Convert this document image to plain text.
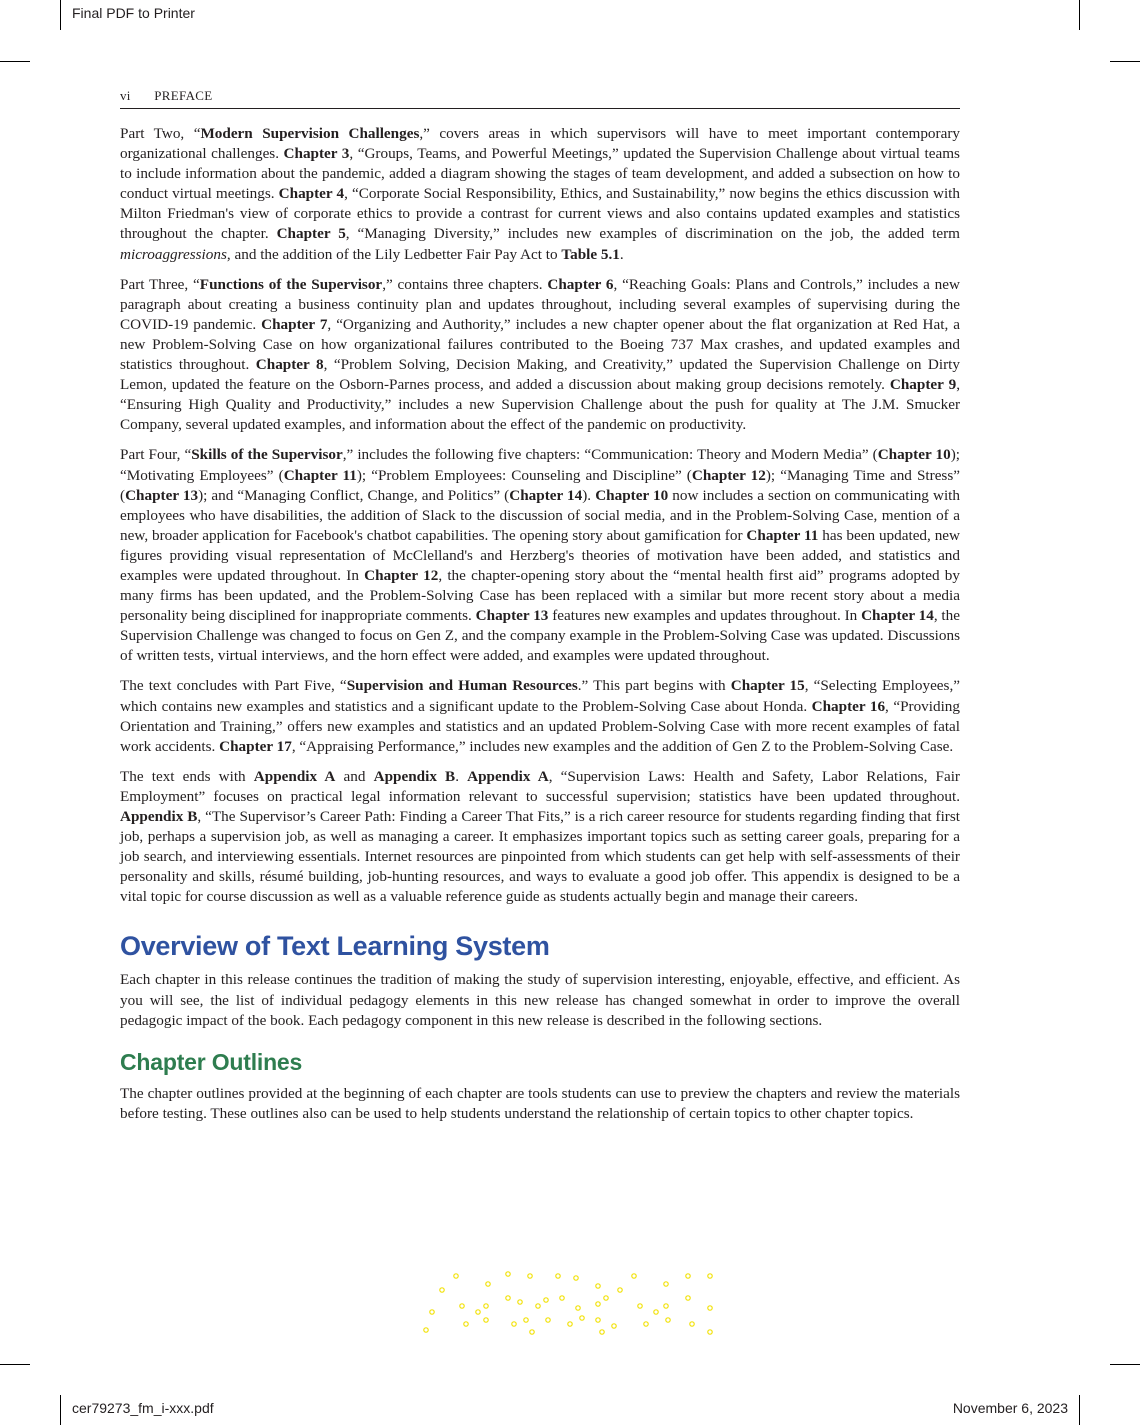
Final PDF to Printer
cer79273_fm_i-xxx.pdf	November 6, 2023
vi PREFACE

Part Two, “Modern Supervision Challenges,” covers areas in which supervisors will have to meet important contemporary organizational challenges. Chapter 3, “Groups, Teams, and Powerful Meetings,” updated the Supervision Challenge about virtual teams to include information about the pandemic, added a diagram showing the stages of team development, and added a subsection on how to conduct virtual meetings. Chapter 4, “Corporate Social Responsibility, Ethics, and Sustainability,” now begins the ethics discussion with Milton Friedman's view of corporate ethics to provide a contrast for current views and also contains updated examples and statistics throughout the chapter. Chapter 5, “Managing Diversity,” includes new examples of discrimination on the job, the added term microaggressions, and the addition of the Lily Ledbetter Fair Pay Act to Table 5.1.

Part Three, “Functions of the Supervisor,” contains three chapters. Chapter 6, “Reaching Goals: Plans and Controls,” includes a new paragraph about creating a business continuity plan and updates throughout, including several examples of supervising during the COVID-19 pandemic. Chapter 7, “Organizing and Authority,” includes a new chapter opener about the flat organization at Red Hat, a new Problem-Solving Case on how organizational failures contributed to the Boeing 737 Max crashes, and updated examples and statistics throughout. Chapter 8, “Problem Solving, Decision Making, and Creativity,” updated the Supervision Challenge on Dirty Lemon, updated the feature on the Osborn-Parnes process, and added a discussion about making group decisions remotely. Chapter 9, “Ensuring High Quality and Productivity,” includes a new Supervision Challenge about the push for quality at The J.M. Smucker Company, several updated examples, and information about the effect of the pandemic on productivity.

Part Four, “Skills of the Supervisor,” includes the following five chapters: “Communication: Theory and Modern Media” (Chapter 10); “Motivating Employees” (Chapter 11); “Problem Employees: Counseling and Discipline” (Chapter 12); “Managing Time and Stress” (Chapter 13); and “Managing Conflict, Change, and Politics” (Chapter 14). Chapter 10 now includes a section on communicating with employees who have disabilities, the addition of Slack to the discussion of social media, and in the Problem-Solving Case, mention of a new, broader application for Facebook's chatbot capabilities. The opening story about gamification for Chapter 11 has been updated, new figures providing visual representation of McClelland's and Herzberg's theories of motivation have been added, and statistics and examples were updated throughout. In Chapter 12, the chapter-opening story about the “mental health first aid” programs adopted by many firms has been updated, and the Problem-Solving Case has been replaced with a similar but more recent story about a media personality being disciplined for inappropriate comments. Chapter 13 features new examples and updates throughout. In Chapter 14, the Supervision Challenge was changed to focus on Gen Z, and the company example in the Problem-Solving Case was updated. Discussions of written tests, virtual interviews, and the horn effect were added, and examples were updated throughout.

The text concludes with Part Five, “Supervision and Human Resources.” This part begins with Chapter 15, “Selecting Employees,” which contains new examples and statistics and a significant update to the Problem-Solving Case about Honda. Chapter 16, “Providing Orientation and Training,” offers new examples and statistics and an updated Problem-Solving Case with more recent examples of fatal work accidents. Chapter 17, “Appraising Performance,” includes new examples and the addition of Gen Z to the Problem-Solving Case.

The text ends with Appendix A and Appendix B. Appendix A, “Supervision Laws: Health and Safety, Labor Relations, Fair Employment” focuses on practical legal information relevant to successful supervision; statistics have been updated throughout. Appendix B, “The Supervisor’s Career Path: Finding a Career That Fits,” is a rich career resource for students regarding finding that first job, perhaps a supervision job, as well as managing a career. It emphasizes important topics such as setting career goals, preparing for a job search, and interviewing essentials. Internet resources are pinpointed from which students can get help with self-assessments of their personality and skills, résumé building, job-hunting resources, and ways to evaluate a good job offer. This appendix is designed to be a vital topic for course discussion as well as a valuable reference guide as students actually begin and manage their careers.

Overview of Text Learning System

Each chapter in this release continues the tradition of making the study of supervision interesting, enjoyable, effective, and efficient. As you will see, the list of individual pedagogy elements in this new release has changed somewhat in order to improve the overall pedagogic impact of the book. Each pedagogy component in this new release is described in the following sections.

Chapter Outlines

The chapter outlines provided at the beginning of each chapter are tools students can use to preview the chapters and review the materials before testing. These outlines also can be used to help students understand the relationship of certain topics to other chapter topics.
